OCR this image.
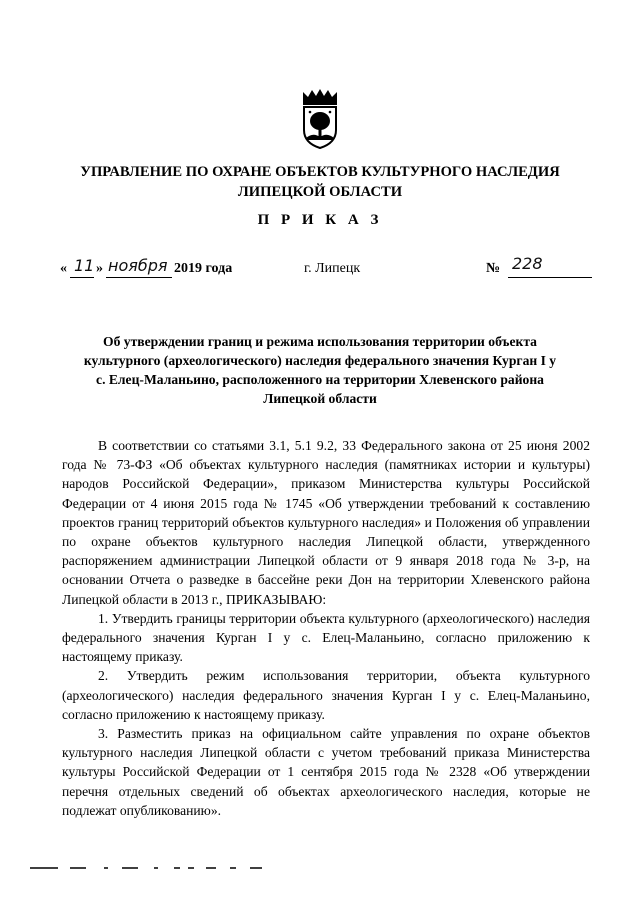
УПРАВЛЕНИЕ ПО ОХРАНЕ ОБЪЕКТОВ КУЛЬТУРНОГО НАСЛЕДИЯ
ЛИПЕЦКОЙ ОБЛАСТИ
П Р И К А З
« 11 » ноября 2019 года	г. Липецк	№ 228
Об утверждении границ и режима использования территории объекта
культурного (археологического) наследия федерального значения Курган I у
с. Елец-Маланьино, расположенного на территории Хлевенского района
Липецкой области

В соответствии со статьями 3.1, 5.1 9.2, 33 Федерального закона от 25 июня 2002 года № 73-ФЗ «Об объектах культурного наследия (памятниках истории и культуры) народов Российской Федерации», приказом Министерства культуры Российской Федерации от 4 июня 2015 года № 1745 «Об утверждении требований к составлению проектов границ территорий объектов культурного наследия» и Положения об управлении по охране объектов культурного наследия Липецкой области, утвержденного распоряжением администрации Липецкой области от 9 января 2018 года № 3-р, на основании Отчета о разведке в бассейне реки Дон на территории Хлевенского района Липецкой области в 2013 г., ПРИКАЗЫВАЮ:

1. Утвердить границы территории объекта культурного (археологического) наследия федерального значения Курган I у с. Елец-Маланьино, согласно приложению к настоящему приказу.

2. Утвердить режим использования территории, объекта культурного (археологического) наследия федерального значения Курган I у с. Елец-Маланьино, согласно приложению к настоящему приказу.

3. Разместить приказ на официальном сайте управления по охране объектов культурного наследия Липецкой области с учетом требований приказа Министерства культуры Российской Федерации от 1 сентября 2015 года № 2328 «Об утверждении перечня отдельных сведений об объектах археологического наследия, которые не подлежат опубликованию».
